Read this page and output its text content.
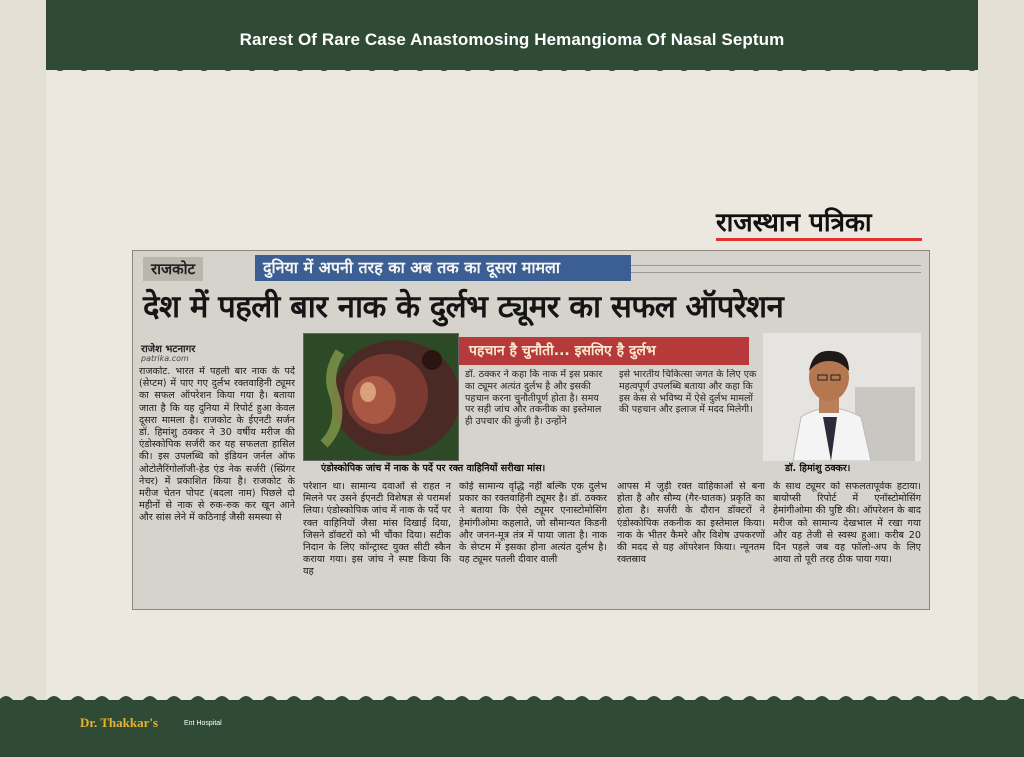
Rarest Of Rare Case Anastomosing Hemangioma Of Nasal Septum
राजस्थान पत्रिका
राजकोट	दुनिया में अपनी तरह का अब तक का दूसरा मामला
देश में पहली बार नाक के दुर्लभ ट्यूमर का सफल ऑपरेशन
राजेश भटनागर
patrika.com
राजकोट. भारत में पहली बार नाक के पर्दे (सेप्टम) में पाए गए दुर्लभ रक्तवाहिनी ट्यूमर का सफल ऑपरेशन किया गया है। बताया जाता है कि यह दुनिया में रिपोर्ट हुआ केवल दूसरा मामला है। राजकोट के ईएनटी सर्जन डॉ. हिमांशु ठक्कर ने 30 वर्षीय मरीज की एंडोस्कोपिक सर्जरी कर यह सफलता हासिल की। इस उपलब्धि को इंडियन जर्नल ऑफ ओटोलैरिंगोलॉजी-हेड एंड नेक सर्जरी (स्प्रिंगर नेचर) में प्रकाशित किया है। राजकोट के मरीज चेतन पोपट (बदला नाम) पिछले दो महीनों से नाक से रुक-रुक कर खून आने और सांस लेने में कठिनाई जैसी समस्या से
एंडोस्कोपिक जांच में नाक के पर्दे पर रक्त वाहिनियों सरीखा मांस।
पहचान है चुनौती... इसलिए है दुर्लभ
डॉ. ठक्कर ने कहा कि नाक में इस प्रकार का ट्यूमर अत्यंत दुर्लभ है और इसकी पहचान करना चुनौतीपूर्ण होता है। समय पर सही जांच और तकनीक का इस्तेमाल ही उपचार की कुंजी है। उन्होंने
इसे भारतीय चिकित्सा जगत के लिए एक महत्वपूर्ण उपलब्धि बताया और कहा कि इस केस से भविष्य में ऐसे दुर्लभ मामलों की पहचान और इलाज में मदद मिलेगी।
डॉ. हिमांशु ठक्कर।
परेशान था। सामान्य दवाओं से राहत न मिलने पर उसने ईएनटी विशेषज्ञ से परामर्श लिया। एंडोस्कोपिक जांच में नाक के पर्दे पर रक्त वाहिनियों जैसा मांस दिखाई दिया, जिसने डॉक्टरों को भी चौंका दिया। सटीक निदान के लिए कॉन्ट्रास्ट युक्त सीटी स्कैन कराया गया। इस जांच ने स्पष्ट किया कि यह
कोई सामान्य वृद्धि नहीं बल्कि एक दुर्लभ प्रकार का रक्तवाहिनी ट्यूमर है। डॉ. ठक्कर ने बताया कि ऐसे ट्यूमर एनास्टोमोसिंग हेमांगीओमा कहलाते, जो सौमान्यत किडनी और जनन-मूत्र तंत्र में पाया जाता है। नाक के सेप्टम में इसका होना अत्यंत दुर्लभ है। यह ट्यूमर पतली दीवार वाली
आपस में जुड़ी रक्त वाहिकाओं से बना होता है और सौम्य (गैर-घातक) प्रकृति का होता है। सर्जरी के दौरान डॉक्टरों ने एंडोस्कोपिक तकनीक का इस्तेमाल किया। नाक के भीतर कैमरे और विशेष उपकरणों की मदद से यह ऑपरेशन किया। न्यूनतम रक्तस्राव
के साथ ट्यूमर को सफलतापूर्वक हटाया। बायोप्सी रिपोर्ट में एनॉस्टोमोसिंग हेमांगीओमा की पुष्टि की। ऑपरेशन के बाद मरीज को सामान्य देखभाल में रखा गया और वह तेजी से स्वस्थ हुआ। करीब 20 दिन पहले जब वह फॉलो-अप के लिए आया तो पूरी तरह ठीक पाया गया।
Dr. Thakkar's	Ent Hospital
